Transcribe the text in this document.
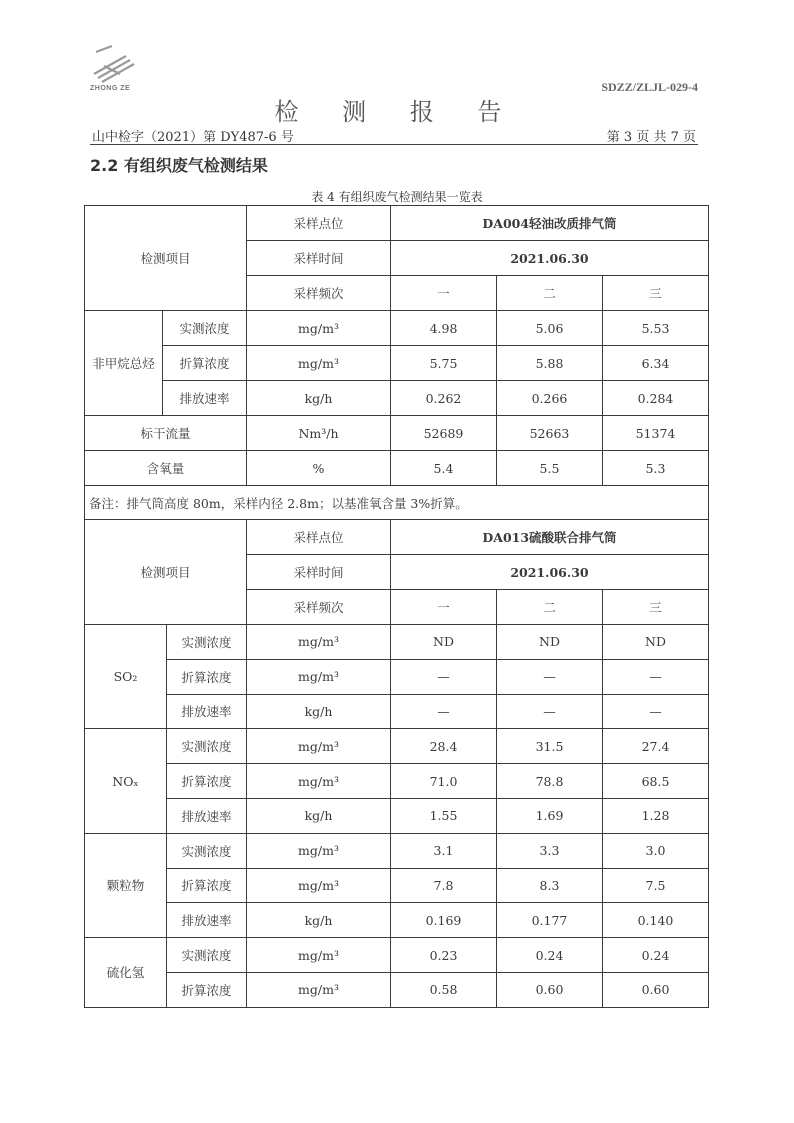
ZHONG ZE	SDZZ/ZLJL-029-4
检 测 报 告
山中检字（2021）第 DY487-6 号	第 3 页 共 7 页
2.2 有组织废气检测结果
表 4 有组织废气检测结果一览表
检测项目		采样点位	DA004轻油改质排气筒		
		采样时间	2021.06.30		
		采样频次	一	二	三
非甲烷总烃	实测浓度	mg/m³	4.98	5.06	5.53
	折算浓度	mg/m³	5.75	5.88	6.34
	排放速率	kg/h	0.262	0.266	0.284
标干流量		Nm³/h	52689	52663	51374
含氧量		%	5.4	5.5	5.3
备注：排气筒高度 80m，采样内径 2.8m；以基准氧含量 3%折算。					
检测项目		采样点位	DA013硫酸联合排气筒		
		采样时间	2021.06.30		
		采样频次	一	二	三
SO₂	实测浓度	mg/m³	ND	ND	ND
	折算浓度	mg/m³	—	—	—
	排放速率	kg/h	—	—	—
NOₓ	实测浓度	mg/m³	28.4	31.5	27.4
	折算浓度	mg/m³	71.0	78.8	68.5
	排放速率	kg/h	1.55	1.69	1.28
颗粒物	实测浓度	mg/m³	3.1	3.3	3.0
	折算浓度	mg/m³	7.8	8.3	7.5
	排放速率	kg/h	0.169	0.177	0.140
硫化氢	实测浓度	mg/m³	0.23	0.24	0.24
	折算浓度	mg/m³	0.58	0.60	0.60
